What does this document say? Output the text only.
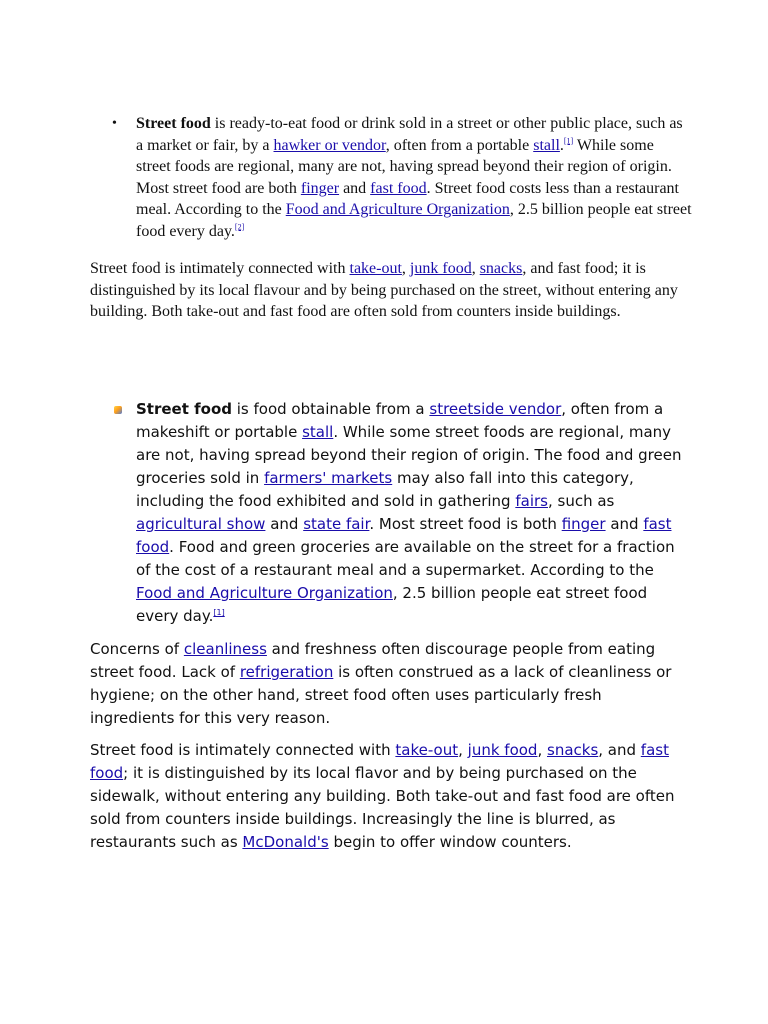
•	Street food is ready-to-eat food or drink sold in a street or other public place, such as a market or fair, by a hawker or vendor, often from a portable stall.[1] While some street foods are regional, many are not, having spread beyond their region of origin. Most street food are both finger and fast food. Street food costs less than a restaurant meal. According to the Food and Agriculture Organization, 2.5 billion people eat street food every day.[2]

Street food is intimately connected with take-out, junk food, snacks, and fast food; it is distinguished by its local flavour and by being purchased on the street, without entering any building. Both take-out and fast food are often sold from counters inside buildings.

Street food is food obtainable from a streetside vendor, often from a makeshift or portable stall. While some street foods are regional, many are not, having spread beyond their region of origin. The food and green groceries sold in farmers' markets may also fall into this category, including the food exhibited and sold in gathering fairs, such as agricultural show and state fair. Most street food is both finger and fast food. Food and green groceries are available on the street for a fraction of the cost of a restaurant meal and a supermarket. According to the Food and Agriculture Organization, 2.5 billion people eat street food every day.[1]

Concerns of cleanliness and freshness often discourage people from eating street food. Lack of refrigeration is often construed as a lack of cleanliness or hygiene; on the other hand, street food often uses particularly fresh ingredients for this very reason.

Street food is intimately connected with take-out, junk food, snacks, and fast food; it is distinguished by its local flavor and by being purchased on the sidewalk, without entering any building. Both take-out and fast food are often sold from counters inside buildings. Increasingly the line is blurred, as restaurants such as McDonald's begin to offer window counters.
